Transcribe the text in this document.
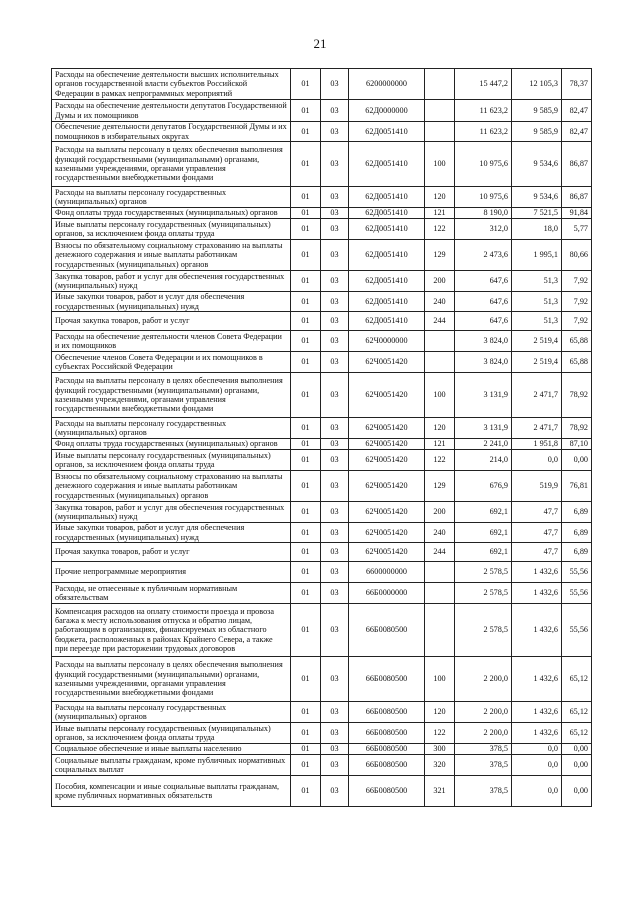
21
Расходы на обеспечение деятельности высших исполнительных органов государственной власти субъектов Российской Федерации в рамках непрограммных мероприятий	01	03	6200000000		15 447,2	12 105,3	78,37
Расходы на обеспечение деятельности депутатов Государственной Думы и их помощников	01	03	62Д0000000		11 623,2	9 585,9	82,47
Обеспечение деятельности депутатов Государственной Думы и их помощников в избирательных округах	01	03	62Д0051410		11 623,2	9 585,9	82,47
Расходы на выплаты персоналу в целях обеспечения выполнения функций государственными (муниципальными) органами, казенными учреждениями, органами управления государственными внебюджетными фондами	01	03	62Д0051410	100	10 975,6	9 534,6	86,87
Расходы на выплаты персоналу государственных (муниципальных) органов	01	03	62Д0051410	120	10 975,6	9 534,6	86,87
Фонд оплаты труда государственных (муниципальных) органов	01	03	62Д0051410	121	8 190,0	7 521,5	91,84
Иные выплаты персоналу государственных (муниципальных) органов, за исключением фонда оплаты труда	01	03	62Д0051410	122	312,0	18,0	5,77
Взносы по обязательному социальному страхованию на выплаты денежного содержания и иные выплаты работникам государственных (муниципальных) органов	01	03	62Д0051410	129	2 473,6	1 995,1	80,66
Закупка товаров, работ и услуг для обеспечения государственных (муниципальных) нужд	01	03	62Д0051410	200	647,6	51,3	7,92
Иные закупки товаров, работ и услуг для обеспечения государственных (муниципальных) нужд	01	03	62Д0051410	240	647,6	51,3	7,92
Прочая закупка товаров, работ и услуг	01	03	62Д0051410	244	647,6	51,3	7,92
Расходы на обеспечение деятельности членов Совета Федерации и их помощников	01	03	62Ч0000000		3 824,0	2 519,4	65,88
Обеспечение членов Совета Федерации и их помощников в субъектах Российской Федерации	01	03	62Ч0051420		3 824,0	2 519,4	65,88
Расходы на выплаты персоналу в целях обеспечения выполнения функций государственными (муниципальными) органами, казенными учреждениями, органами управления государственными внебюджетными фондами	01	03	62Ч0051420	100	3 131,9	2 471,7	78,92
Расходы на выплаты персоналу государственных (муниципальных) органов	01	03	62Ч0051420	120	3 131,9	2 471,7	78,92
Фонд оплаты труда государственных (муниципальных) органов	01	03	62Ч0051420	121	2 241,0	1 951,8	87,10
Иные выплаты персоналу государственных (муниципальных) органов, за исключением фонда оплаты труда	01	03	62Ч0051420	122	214,0	0,0	0,00
Взносы по обязательному социальному страхованию на выплаты денежного содержания и иные выплаты работникам государственных (муниципальных) органов	01	03	62Ч0051420	129	676,9	519,9	76,81
Закупка товаров, работ и услуг для обеспечения государственных (муниципальных) нужд	01	03	62Ч0051420	200	692,1	47,7	6,89
Иные закупки товаров, работ и услуг для обеспечения государственных (муниципальных) нужд	01	03	62Ч0051420	240	692,1	47,7	6,89
Прочая закупка товаров, работ и услуг	01	03	62Ч0051420	244	692,1	47,7	6,89
Прочие непрограммные мероприятия	01	03	6600000000		2 578,5	1 432,6	55,56
Расходы, не отнесенные к публичным нормативным обязательствам	01	03	66Б0000000		2 578,5	1 432,6	55,56
Компенсация расходов на оплату стоимости проезда и провоза багажа к месту использования отпуска и обратно лицам, работающим в организациях, финансируемых из областного бюджета, расположенных в районах Крайнего Севера, а также при переезде при расторжении трудовых договоров	01	03	66Б0080500		2 578,5	1 432,6	55,56
Расходы на выплаты персоналу в целях обеспечения выполнения функций государственными (муниципальными) органами, казенными учреждениями, органами управления государственными внебюджетными фондами	01	03	66Б0080500	100	2 200,0	1 432,6	65,12
Расходы на выплаты персоналу государственных (муниципальных) органов	01	03	66Б0080500	120	2 200,0	1 432,6	65,12
Иные выплаты персоналу государственных (муниципальных) органов, за исключением фонда оплаты труда	01	03	66Б0080500	122	2 200,0	1 432,6	65,12
Социальное обеспечение и иные выплаты населению	01	03	66Б0080500	300	378,5	0,0	0,00
Социальные выплаты гражданам, кроме публичных нормативных социальных выплат	01	03	66Б0080500	320	378,5	0,0	0,00
Пособия, компенсации и иные социальные выплаты гражданам, кроме публичных нормативных обязательств	01	03	66Б0080500	321	378,5	0,0	0,00
